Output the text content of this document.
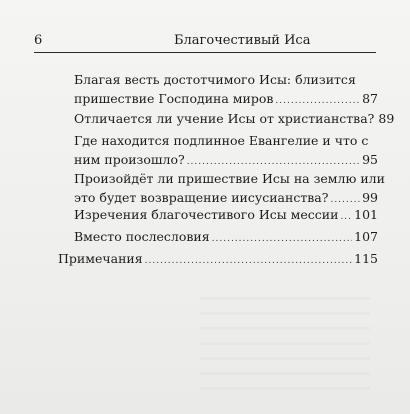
6	Благочестивый Иса
Благая весть достотчимого Исы: близится
пришествие Господина миров .....	87
Отличается ли учение Исы от христианства? 89
Где находится подлинное Евангелие и что с
ним произошло? .....	95
Произойдёт ли пришествие Исы на землю или
это будет возвращение иисусианства? .....	99
Изречения благочестивого Исы мессии ..... 101
Вместо послесловия .....	107
Примечания .....	115
